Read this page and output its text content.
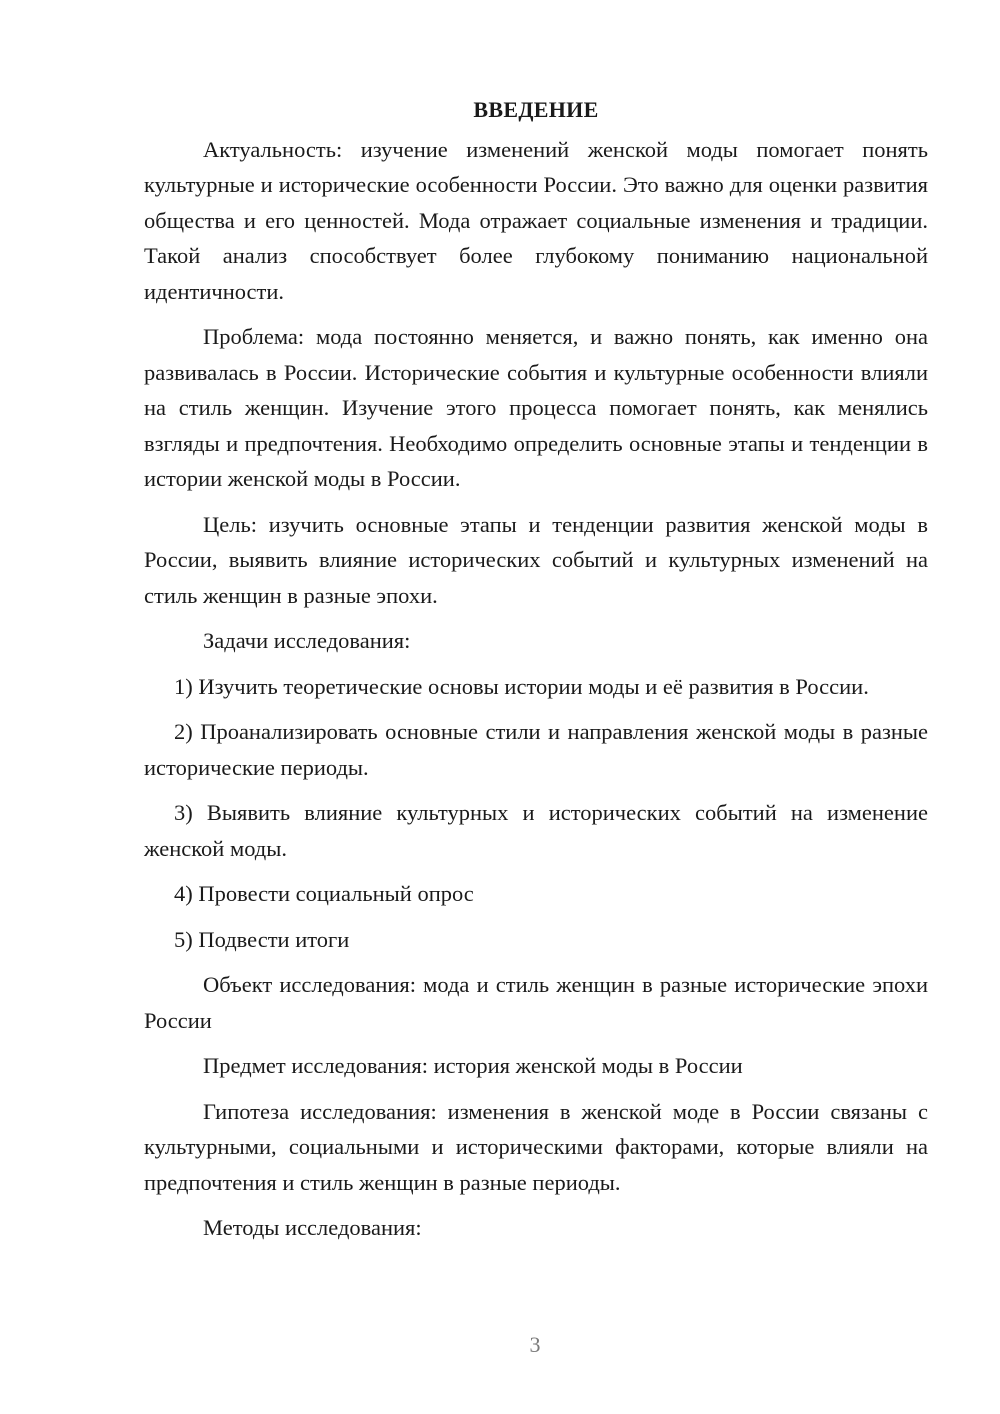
ВВЕДЕНИЕ

Актуальность: изучение изменений женской моды помогает понять культурные и исторические особенности России. Это важно для оценки развития общества и его ценностей. Мода отражает социальные изменения и традиции. Такой анализ способствует более глубокому пониманию национальной идентичности.

Проблема: мода постоянно меняется, и важно понять, как именно она развивалась в России. Исторические события и культурные особенности влияли на стиль женщин. Изучение этого процесса помогает понять, как менялись взгляды и предпочтения. Необходимо определить основные этапы и тенденции в истории женской моды в России.

Цель: изучить основные этапы и тенденции развития женской моды в России, выявить влияние исторических событий и культурных изменений на стиль женщин в разные эпохи.

Задачи исследования:

1) Изучить теоретические основы истории моды и её развития в России.

2) Проанализировать основные стили и направления женской моды в разные исторические периоды.

3) Выявить влияние культурных и исторических событий на изменение женской моды.

4) Провести социальный опрос

5) Подвести итоги

Объект исследования: мода и стиль женщин в разные исторические эпохи России

Предмет исследования: история женской моды в России

Гипотеза исследования: изменения в женской моде в России связаны с культурными, социальными и историческими факторами, которые влияли на предпочтения и стиль женщин в разные периоды.

Методы исследования:

3
